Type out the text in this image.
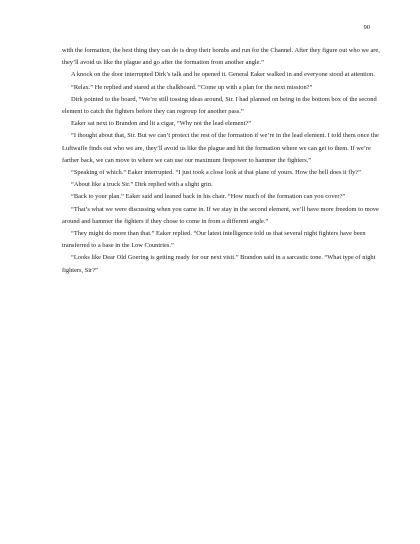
90

with the formation, the best thing they can do is drop their bombs and run for the Channel. After they figure out who we are, they’ll avoid us like the plague and go after the formation from another angle.”

A knock on the door interrupted Dirk’s talk and he opened it. General Eaker walked in and everyone stood at attention.

“Relax.” He replied and stared at the chalkboard. “Come up with a plan for the next mission?”

Dirk pointed to the board, “We’re still tossing ideas around, Sir. I had planned on being in the bottom box of the second element to catch the fighters before they can regroup for another pass.”

Eaker sat next to Brandon and lit a cigar, “Why not the lead element?”

“I thought about that, Sir. But we can’t protect the rest of the formation if we’re in the lead element. I told them once the Luftwaffe finds out who we are, they’ll avoid us like the plague and hit the formation where we can get to them. If we’re farther back, we can move to where we can use our maximum firepower to hammer the fighters.”

“Speaking of which.” Eaker interrupted. “I just took a close look at that plane of yours. How the hell does it fly?”

“About like a truck Sir.” Dirk replied with a slight grin.

“Back to your plan.” Eaker said and leaned back in his chair. “How much of the formation can you cover?”

“That’s what we were discussing when you came in. If we stay in the second element, we’ll have more freedom to move around and hammer the fighters if they chose to come in from a different angle.”

“They might do more than that.” Eaker replied. “Our latest intelligence told us that several night fighters have been transferred to a base in the Low Countries.”

“Looks like Dear Old Goering is getting ready for our next visit.” Brandon said in a sarcastic tone. “What type of night fighters, Sir?”
